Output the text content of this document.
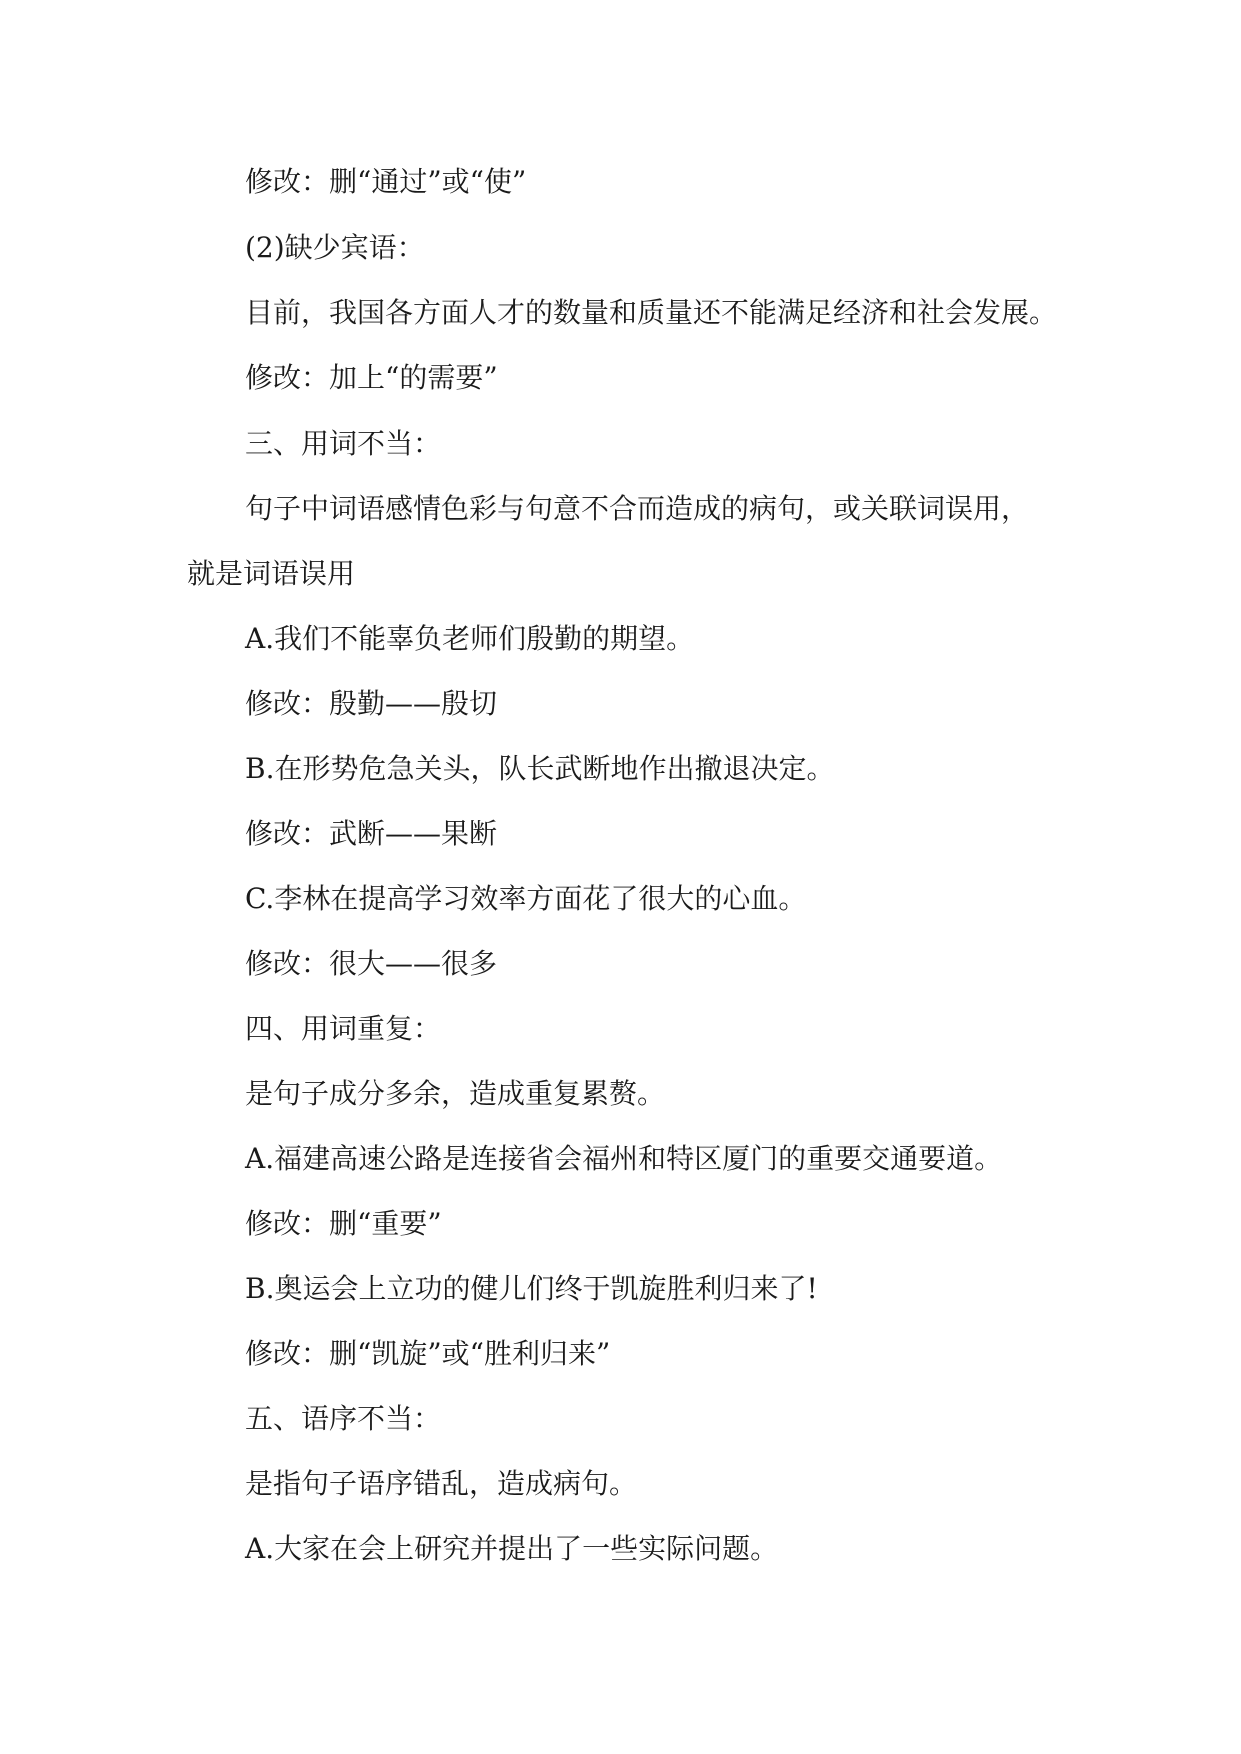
修改：删“通过”或“使”
(2)缺少宾语：
目前，我国各方面人才的数量和质量还不能满足经济和社会发展。
修改：加上“的需要”
三、用词不当：
句子中词语感情色彩与句意不合而造成的病句，或关联词误用，
就是词语误用
A.我们不能辜负老师们殷勤的期望。
修改：殷勤——殷切
B.在形势危急关头，队长武断地作出撤退决定。
修改：武断——果断
C.李林在提高学习效率方面花了很大的心血。
修改：很大——很多
四、用词重复：
是句子成分多余，造成重复累赘。
A.福建高速公路是连接省会福州和特区厦门的重要交通要道。
修改：删“重要”
B.奥运会上立功的健儿们终于凯旋胜利归来了!
修改：删“凯旋”或“胜利归来”
五、语序不当：
是指句子语序错乱，造成病句。
A.大家在会上研究并提出了一些实际问题。
